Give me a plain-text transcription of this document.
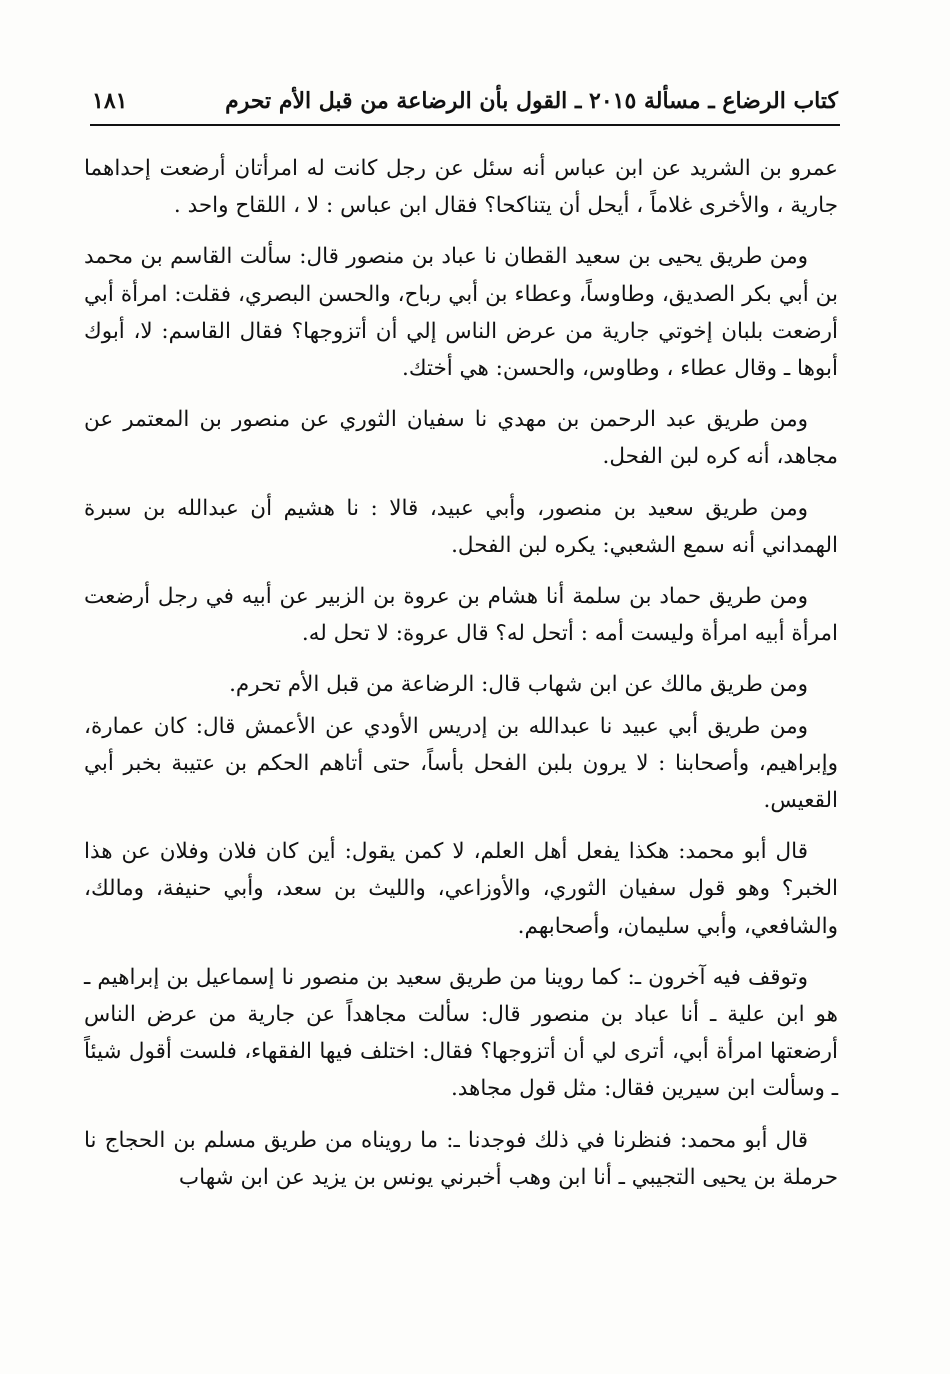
كتاب الرضاع ـ مسألة ٢٠١٥ ـ القول بأن الرضاعة من قبل الأم تحرم
١٨١

عمرو بن الشريد عن ابن عباس أنه سئل عن رجل كانت له امرأتان أرضعت إحداهما جارية ، والأخرى غلاماً ، أيحل أن يتناكحا؟ فقال ابن عباس : لا ، اللقاح واحد .

ومن طريق يحيى بن سعيد القطان نا عباد بن منصور قال: سألت القاسم بن محمد بن أبي بكر الصديق، وطاوساً، وعطاء بن أبي رباح، والحسن البصري، فقلت: امرأة أبي أرضعت بلبان إخوتي جارية من عرض الناس إلي أن أتزوجها؟ فقال القاسم: لا، أبوك أبوها ـ وقال عطاء ، وطاوس، والحسن: هي أختك.

ومن طريق عبد الرحمن بن مهدي نا سفيان الثوري عن منصور بن المعتمر عن مجاهد، أنه كره لبن الفحل.

ومن طريق سعيد بن منصور، وأبي عبيد، قالا : نا هشيم أن عبدالله بن سبرة الهمداني أنه سمع الشعبي: يكره لبن الفحل.

ومن طريق حماد بن سلمة أنا هشام بن عروة بن الزبير عن أبيه في رجل أرضعت امرأة أبيه امرأة وليست أمه : أتحل له؟ قال عروة: لا تحل له.

ومن طريق مالك عن ابن شهاب قال: الرضاعة من قبل الأم تحرم.

ومن طريق أبي عبيد نا عبدالله بن إدريس الأودي عن الأعمش قال: كان عمارة، وإبراهيم، وأصحابنا : لا يرون بلبن الفحل بأساً، حتى أتاهم الحكم بن عتيبة بخبر أبي القعيس.

قال أبو محمد: هكذا يفعل أهل العلم، لا كمن يقول: أين كان فلان وفلان عن هذا الخبر؟ وهو قول سفيان الثوري، والأوزاعي، والليث بن سعد، وأبي حنيفة، ومالك، والشافعي، وأبي سليمان، وأصحابهم.

وتوقف فيه آخرون ـ: كما روينا من طريق سعيد بن منصور نا إسماعيل بن إبراهيم ـ هو ابن علية ـ أنا عباد بن منصور قال: سألت مجاهداً عن جارية من عرض الناس أرضعتها امرأة أبي، أترى لي أن أتزوجها؟ فقال: اختلف فيها الفقهاء، فلست أقول شيئاً ـ وسألت ابن سيرين فقال: مثل قول مجاهد.

قال أبو محمد: فنظرنا في ذلك فوجدنا ـ: ما رويناه من طريق مسلم بن الحجاج نا حرملة بن يحيى التجيبي ـ أنا ابن وهب أخبرني يونس بن يزيد عن ابن شهاب
